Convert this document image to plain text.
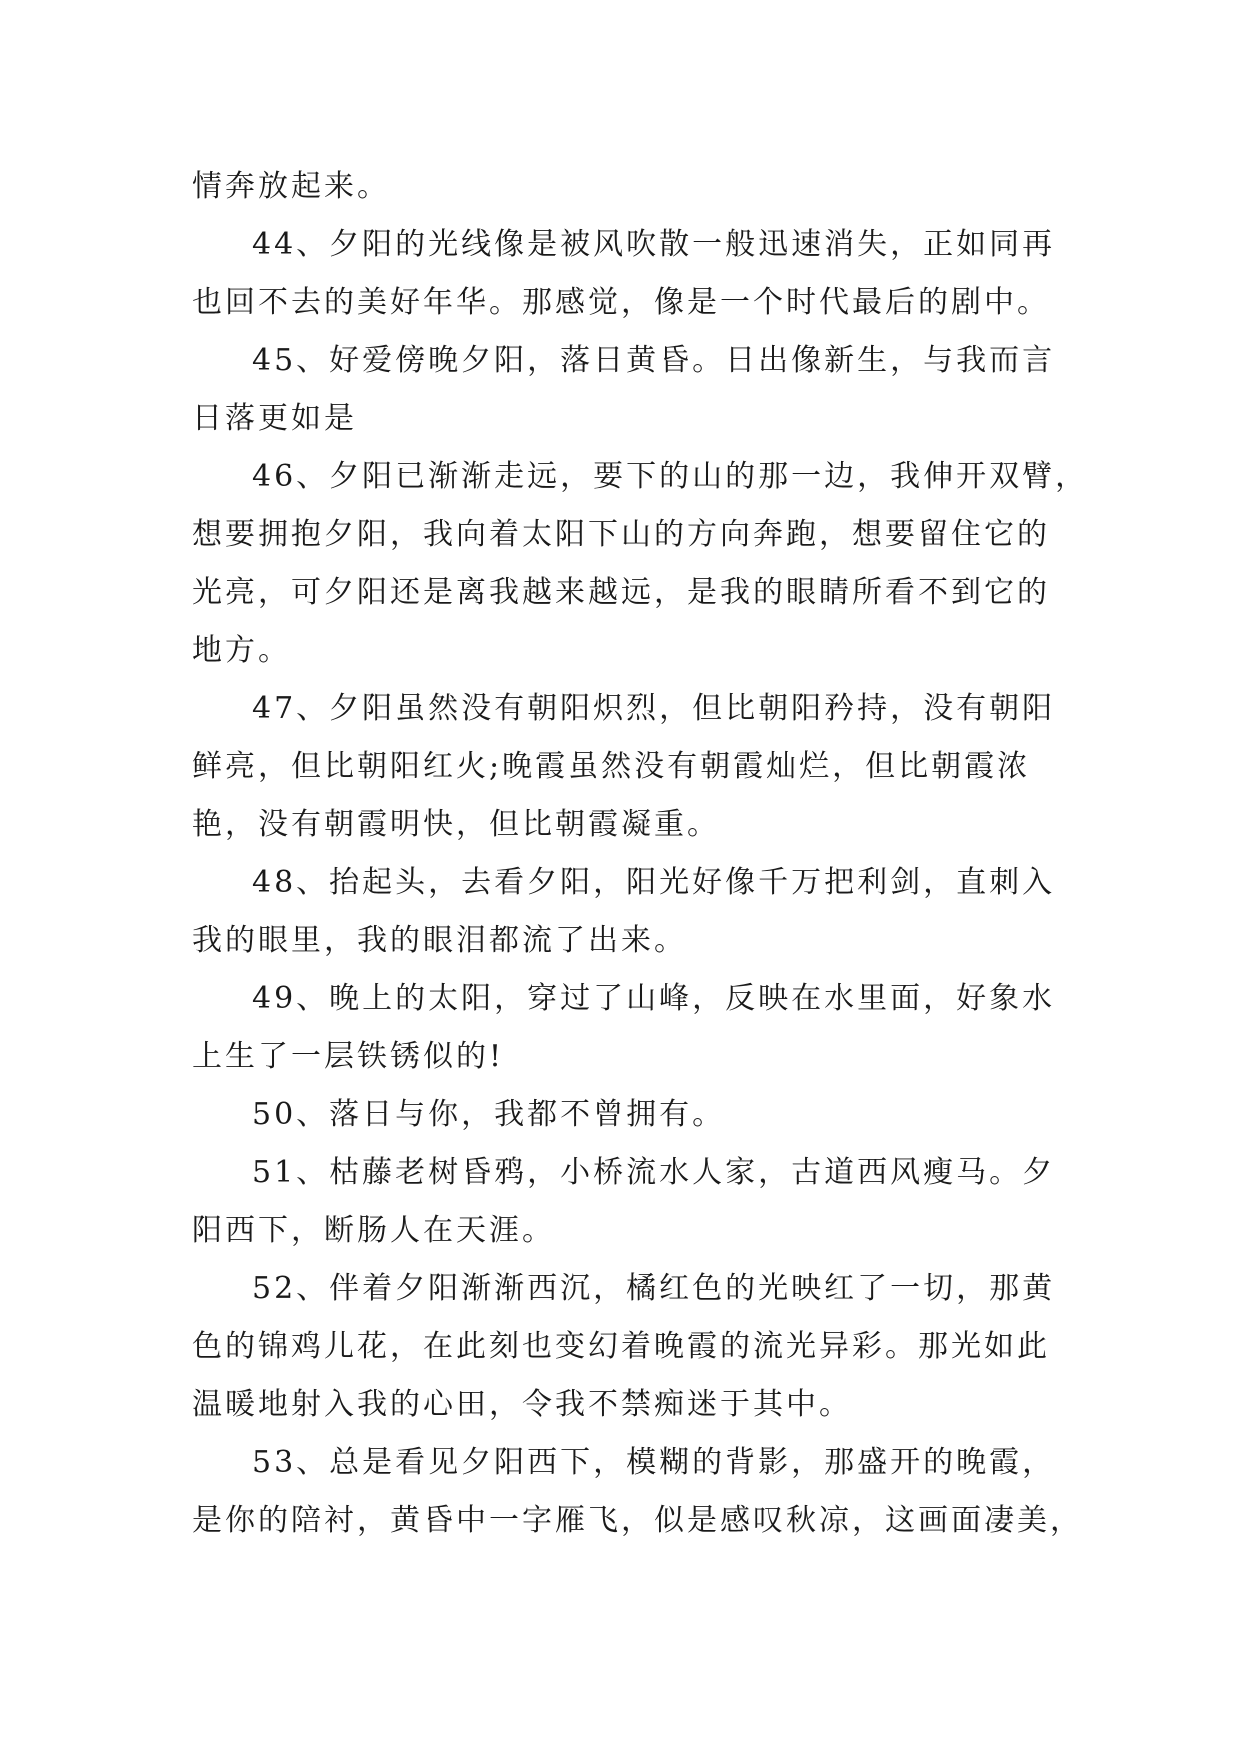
情奔放起来。
44、夕阳的光线像是被风吹散一般迅速消失，正如同再
也回不去的美好年华。那感觉，像是一个时代最后的剧中。
45、好爱傍晚夕阳，落日黄昏。日出像新生，与我而言
日落更如是
46、夕阳已渐渐走远，要下的山的那一边，我伸开双臂，
想要拥抱夕阳，我向着太阳下山的方向奔跑，想要留住它的
光亮，可夕阳还是离我越来越远，是我的眼睛所看不到它的
地方。
47、夕阳虽然没有朝阳炽烈，但比朝阳矜持，没有朝阳
鲜亮，但比朝阳红火;晚霞虽然没有朝霞灿烂，但比朝霞浓
艳，没有朝霞明快，但比朝霞凝重。
48、抬起头，去看夕阳，阳光好像千万把利剑，直刺入
我的眼里，我的眼泪都流了出来。
49、晚上的太阳，穿过了山峰，反映在水里面，好象水
上生了一层铁锈似的!
50、落日与你，我都不曾拥有。
51、枯藤老树昏鸦，小桥流水人家，古道西风瘦马。夕
阳西下，断肠人在天涯。
52、伴着夕阳渐渐西沉，橘红色的光映红了一切，那黄
色的锦鸡儿花，在此刻也变幻着晚霞的流光异彩。那光如此
温暖地射入我的心田，令我不禁痴迷于其中。
53、总是看见夕阳西下，模糊的背影，那盛开的晚霞，
是你的陪衬，黄昏中一字雁飞，似是感叹秋凉，这画面凄美，
